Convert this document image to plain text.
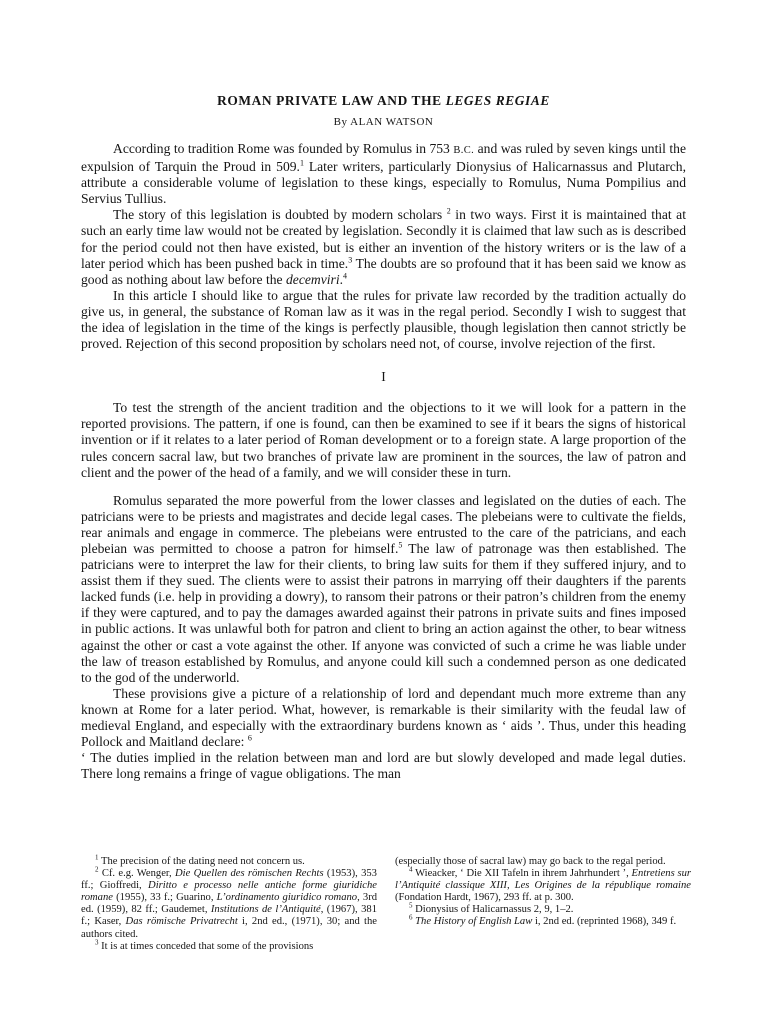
ROMAN PRIVATE LAW AND THE LEGES REGIAE
By ALAN WATSON

According to tradition Rome was founded by Romulus in 753 B.C. and was ruled by seven kings until the expulsion of Tarquin the Proud in 509.$^1$ Later writers, particularly Dionysius of Halicarnassus and Plutarch, attribute a considerable volume of legislation to these kings, especially to Romulus, Numa Pompilius and Servius Tullius.

The story of this legislation is doubted by modern scholars $^2$ in two ways. First it is maintained that at such an early time law would not be created by legislation. Secondly it is claimed that law such as is described for the period could not then have existed, but is either an invention of the history writers or is the law of a later period which has been pushed back in time.$^3$ The doubts are so profound that it has been said we know as good as nothing about law before the decemviri.$^4$

In this article I should like to argue that the rules for private law recorded by the tradition actually do give us, in general, the substance of Roman law as it was in the regal period. Secondly I wish to suggest that the idea of legislation in the time of the kings is perfectly plausible, though legislation then cannot strictly be proved. Rejection of this second proposition by scholars need not, of course, involve rejection of the first.

I

To test the strength of the ancient tradition and the objections to it we will look for a pattern in the reported provisions. The pattern, if one is found, can then be examined to see if it bears the signs of historical invention or if it relates to a later period of Roman development or to a foreign state. A large proportion of the rules concern sacral law, but two branches of private law are prominent in the sources, the law of patron and client and the power of the head of a family, and we will consider these in turn.

Romulus separated the more powerful from the lower classes and legislated on the duties of each. The patricians were to be priests and magistrates and decide legal cases. The plebeians were to cultivate the fields, rear animals and engage in commerce. The plebeians were entrusted to the care of the patricians, and each plebeian was permitted to choose a patron for himself.$^5$ The law of patronage was then established. The patricians were to interpret the law for their clients, to bring law suits for them if they suffered injury, and to assist them if they sued. The clients were to assist their patrons in marrying off their daughters if the parents lacked funds (i.e. help in providing a dowry), to ransom their patrons or their patron’s children from the enemy if they were captured, and to pay the damages awarded against their patrons in private suits and fines imposed in public actions. It was unlawful both for patron and client to bring an action against the other, to bear witness against the other or cast a vote against the other. If anyone was convicted of such a crime he was liable under the law of treason established by Romulus, and anyone could kill such a condemned person as one dedicated to the god of the underworld.

These provisions give a picture of a relationship of lord and dependant much more extreme than any known at Rome for a later period. What, however, is remarkable is their similarity with the feudal law of medieval England, and especially with the extraordinary burdens known as ‘ aids ’. Thus, under this heading Pollock and Maitland declare: $^6$

‘ The duties implied in the relation between man and lord are but slowly developed and made legal duties. There long remains a fringe of vague obligations. The man

$^1$ The precision of the dating need not concern us.

$^2$ Cf. e.g. Wenger, Die Quellen des römischen Rechts (1953), 353 ff.; Gioffredi, Diritto e processo nelle antiche forme giuridiche romane (1955), 33 f.; Guarino, L’ordinamento giuridico romano, 3rd ed. (1959), 82 ff.; Gaudemet, Institutions de l’Antiquité, (1967), 381 f.; Kaser, Das römische Privatrecht i, 2nd ed., (1971), 30; and the authors cited.

$^3$ It is at times conceded that some of the provisions

(especially those of sacral law) may go back to the regal period.

$^4$ Wieacker, ‘ Die XII Tafeln in ihrem Jahrhundert ’, Entretiens sur l’Antiquité classique XIII, Les Origines de la république romaine (Fondation Hardt, 1967), 293 ff. at p. 300.

$^5$ Dionysius of Halicarnassus 2, 9, 1–2.

$^6$ The History of English Law i, 2nd ed. (reprinted 1968), 349 f.
